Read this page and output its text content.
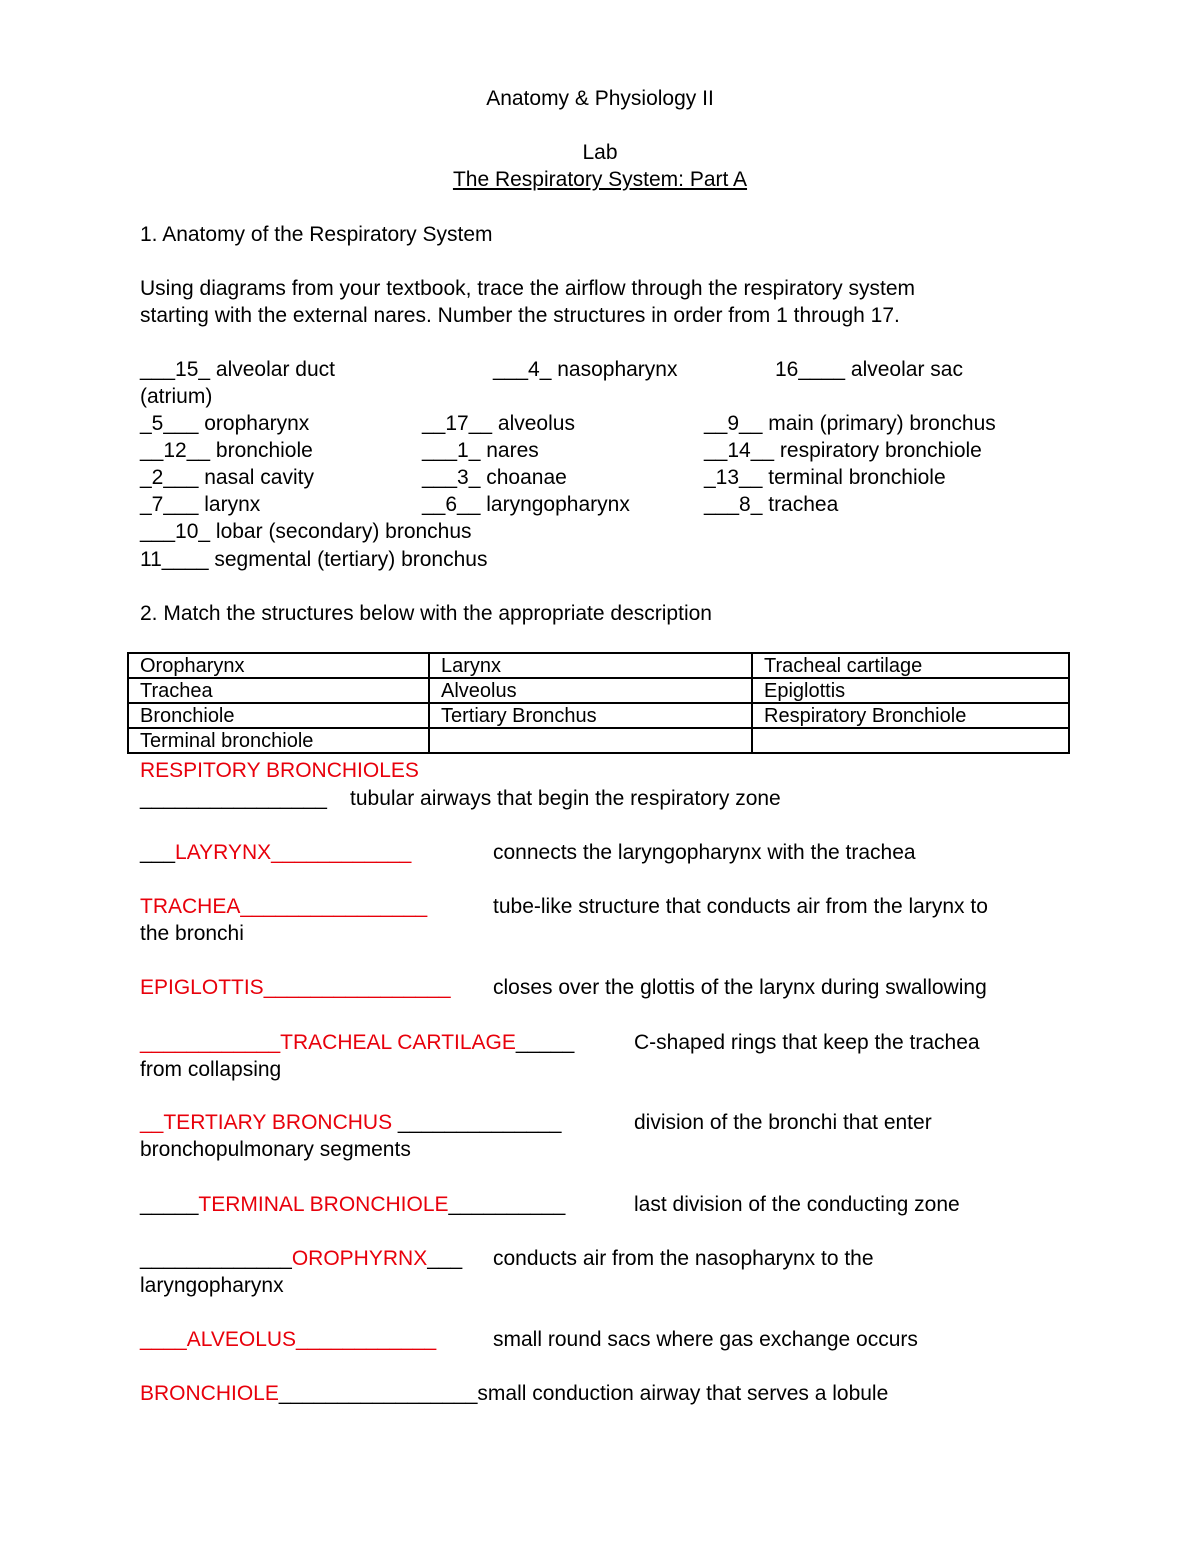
Anatomy & Physiology II
Lab
The Respiratory System: Part A
1. Anatomy of the Respiratory System
Using diagrams from your textbook, trace the airflow through the respiratory system
starting with the external nares. Number the structures in order from 1 through 17.
___15_ alveolar duct	___4_ nasopharynx	16____ alveolar sac
(atrium)
_5___ oropharynx	__17__ alveolus	__9__ main (primary) bronchus
__12__ bronchiole	___1_ nares	__14__ respiratory bronchiole
_2___ nasal cavity	___3_ choanae	_13__ terminal bronchiole
_7___ larynx	__6__ laryngopharynx	___8_ trachea
___10_ lobar (secondary) bronchus
11____ segmental (tertiary) bronchus
2. Match the structures below with the appropriate description
Oropharynx	Larynx	Tracheal cartilage
Trachea	Alveolus	Epiglottis
Bronchiole	Tertiary Bronchus	Respiratory Bronchiole
Terminal bronchiole		
RESPITORY BRONCHIOLES
________________ tubular airways that begin the respiratory zone
___LAYRYNX____________	connects the laryngopharynx with the trachea
TRACHEA________________	tube-like structure that conducts air from the larynx to
the bronchi
EPIGLOTTIS________________ closes over the glottis of the larynx during swallowing
____________TRACHEAL CARTILAGE_____	C-shaped rings that keep the trachea
from collapsing
__TERTIARY BRONCHUS ______________	division of the bronchi that enter
bronchopulmonary segments
_____TERMINAL BRONCHIOLE__________	last division of the conducting zone
_____________OROPHYRNX___ conducts air from the nasopharynx to the
laryngopharynx
____ALVEOLUS____________	small round sacs where gas exchange occurs
BRONCHIOLE_________________small conduction airway that serves a lobule
